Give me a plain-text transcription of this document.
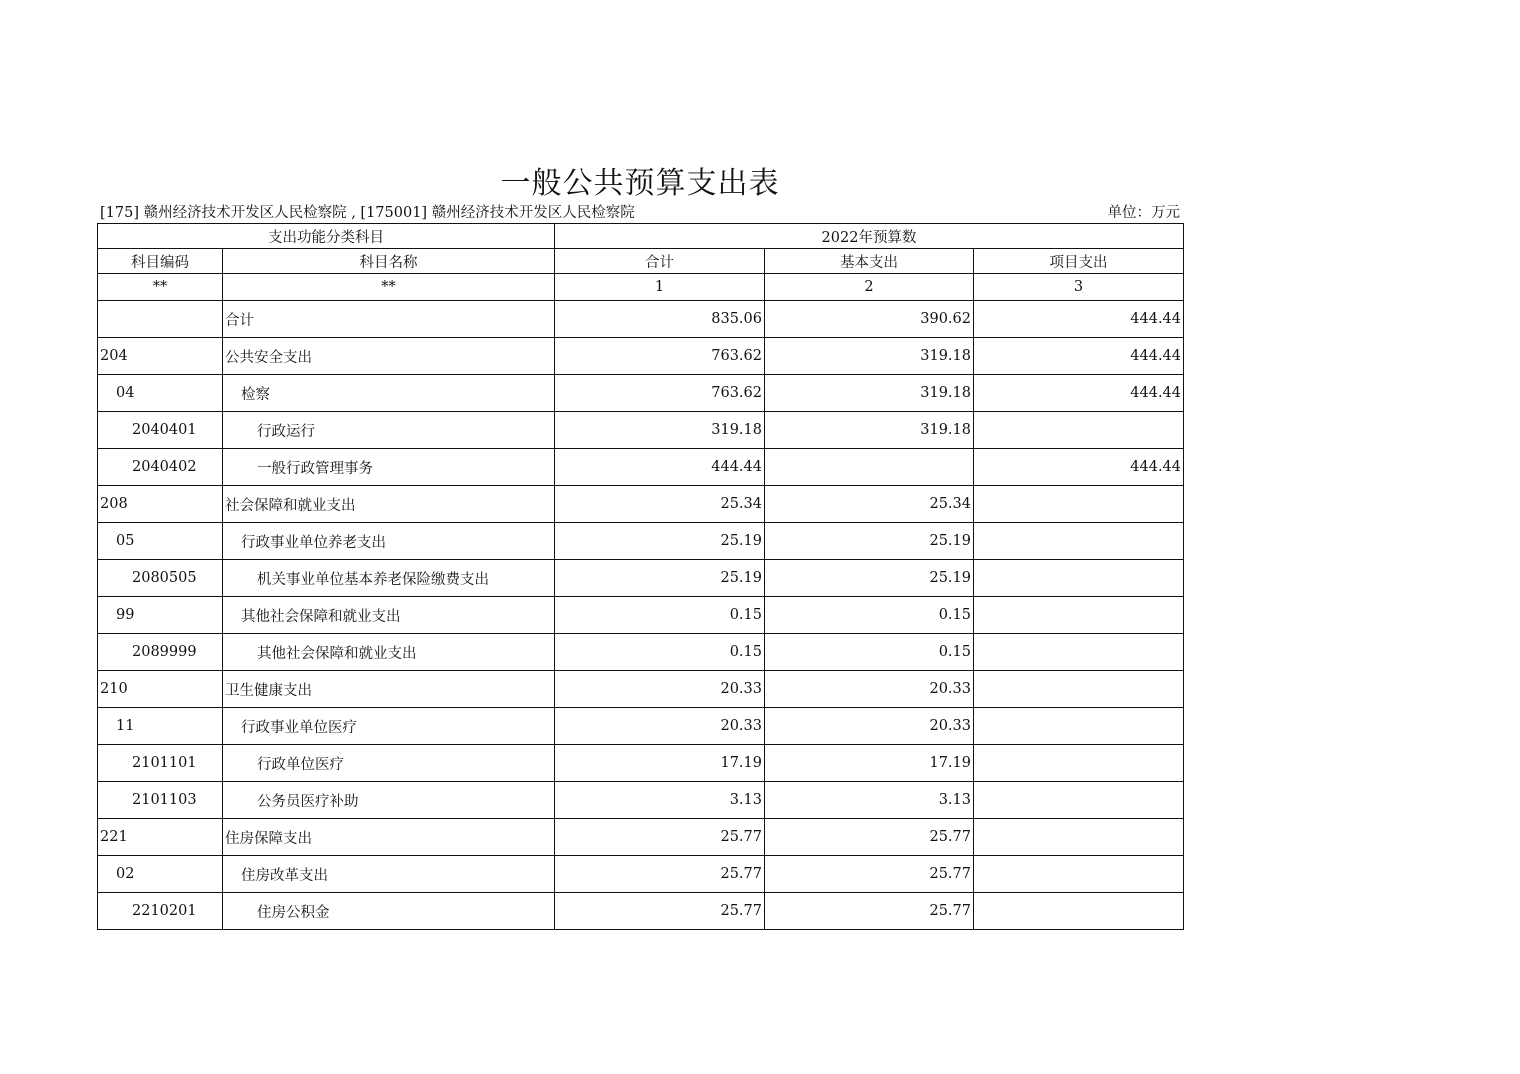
一般公共预算支出表
[175] 赣州经济技术开发区人民检察院 , [175001] 赣州经济技术开发区人民检察院	单位：万元
支出功能分类科目		2022年预算数		
科目编码	科目名称	合计	基本支出	项目支出
**	**	1	2	3
	合计	835.06	390.62	444.44
204	公共安全支出	763.62	319.18	444.44
04	检察	763.62	319.18	444.44
2040401	行政运行	319.18	319.18	
2040402	一般行政管理事务	444.44		444.44
208	社会保障和就业支出	25.34	25.34	
05	行政事业单位养老支出	25.19	25.19	
2080505	机关事业单位基本养老保险缴费支出	25.19	25.19	
99	其他社会保障和就业支出	0.15	0.15	
2089999	其他社会保障和就业支出	0.15	0.15	
210	卫生健康支出	20.33	20.33	
11	行政事业单位医疗	20.33	20.33	
2101101	行政单位医疗	17.19	17.19	
2101103	公务员医疗补助	3.13	3.13	
221	住房保障支出	25.77	25.77	
02	住房改革支出	25.77	25.77	
2210201	住房公积金	25.77	25.77	
